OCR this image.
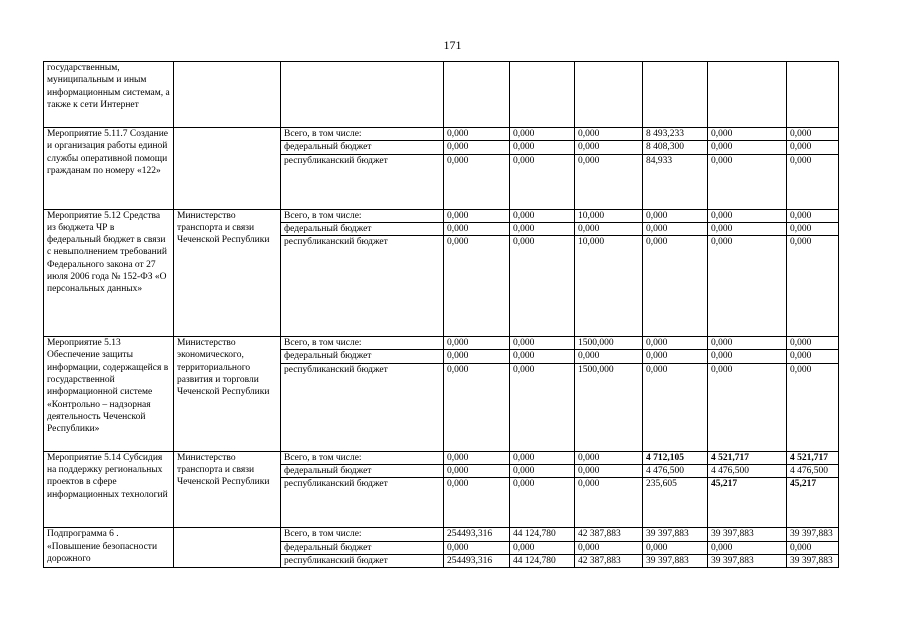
171
государственным, муниципальным и иным информационным системам, а также к сети Интернет								
Мероприятие 5.11.7 Создание и организация работы единой службы оперативной помощи гражданам по номеру «122»		Всего, в том числе:	0,000	0,000	0,000	8 493,233	0,000	0,000
		федеральный бюджет	0,000	0,000	0,000	8 408,300	0,000	0,000
		республиканский бюджет	0,000	0,000	0,000	84,933	0,000	0,000
Мероприятие 5.12 Средства из бюджета ЧР в федеральный бюджет в связи с невыполнением требований Федерального закона от 27 июля 2006 года № 152-ФЗ «О персональных данных»	Министерство транспорта и связи Чеченской Республики	Всего, в том числе:	0,000	0,000	10,000	0,000	0,000	0,000
		федеральный бюджет	0,000	0,000	0,000	0,000	0,000	0,000
		республиканский бюджет	0,000	0,000	10,000	0,000	0,000	0,000
Мероприятие 5.13 Обеспечение защиты информации, содержащейся в государственной информационной системе «Контрольно – надзорная деятельность Чеченской Республики»	Министерство экономического, территориального развития и торговли Чеченской Республики	Всего, в том числе:	0,000	0,000	1500,000	0,000	0,000	0,000
		федеральный бюджет	0,000	0,000	0,000	0,000	0,000	0,000
		республиканский бюджет	0,000	0,000	1500,000	0,000	0,000	0,000
Мероприятие 5.14 Субсидия на поддержку региональных проектов в сфере информационных технологий	Министерство транспорта и связи Чеченской Республики	Всего, в том числе:	0,000	0,000	0,000	4 712,105	4 521,717	4 521,717
		федеральный бюджет	0,000	0,000	0,000	4 476,500	4 476,500	4 476,500
		республиканский бюджет	0,000	0,000	0,000	235,605	45,217	45,217
Подпрограмма 6 . «Повышение безопасности дорожного		Всего, в том числе:	254493,316	44 124,780	42 387,883	39 397,883	39 397,883	39 397,883
		федеральный бюджет	0,000	0,000	0,000	0,000	0,000	0,000
		республиканский бюджет	254493,316	44 124,780	42 387,883	39 397,883	39 397,883	39 397,883
